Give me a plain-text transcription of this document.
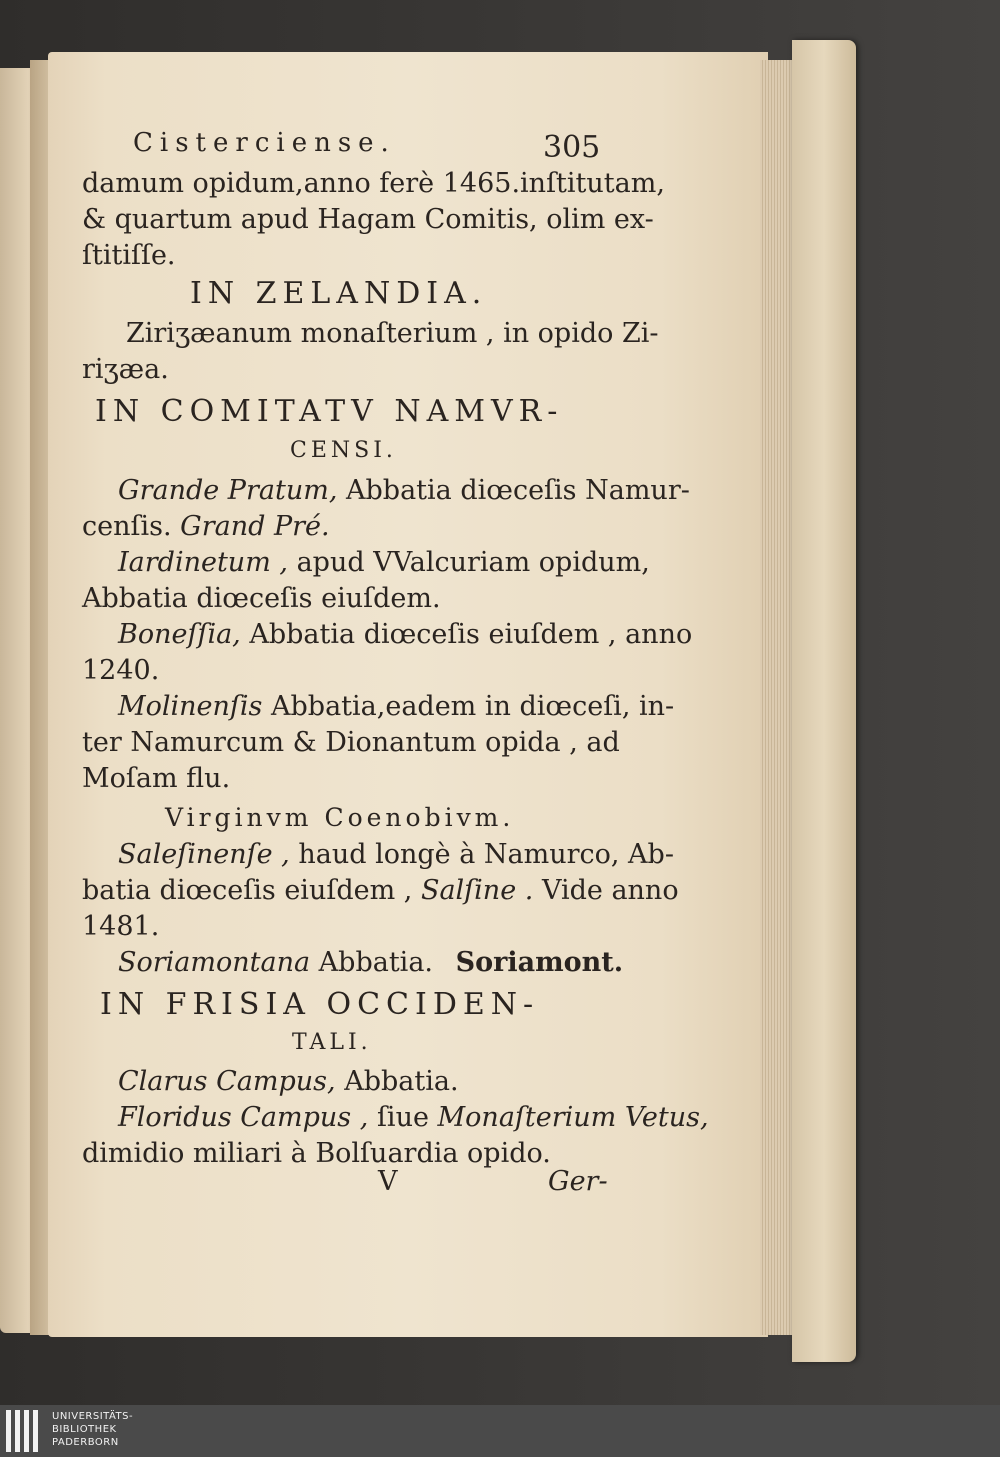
Cisterciense.	305
damum opidum,anno ferè 1465.inſtitutam,
& quartum apud Hagam Comitis, olim ex-
ſtitiſſe.
IN ZELANDIA.
Ziriʒæanum monaſterium , in opido Zi-
riʒæa.
IN COMITATV NAMVR-
CENSI.
Grande Pratum, Abbatia diœceſis Namur-
cenſis. Grand Pré.
Iardinetum , apud VValcuriam opidum,
Abbatia diœceſis eiuſdem.
Boneſſia, Abbatia diœceſis eiuſdem , anno
1240.
Molinenſis Abbatia,eadem in diœceſi, in-
ter Namurcum & Dionantum opida , ad
Moſam flu.
Virginvm Coenobivm.
Saleſinenſe , haud longè à Namurco, Ab-
batia diœceſis eiuſdem , Salſine . Vide anno
1481.
Soriamontana Abbatia. Soriamont.
IN FRISIA OCCIDEN-
TALI.
Clarus Campus, Abbatia.
Floridus Campus , ſiue Monaſterium Vetus,
dimidio miliari à Bolſuardia opido.
V	Ger-
UNIVERSITÄTS-
BIBLIOTHEK
PADERBORN
